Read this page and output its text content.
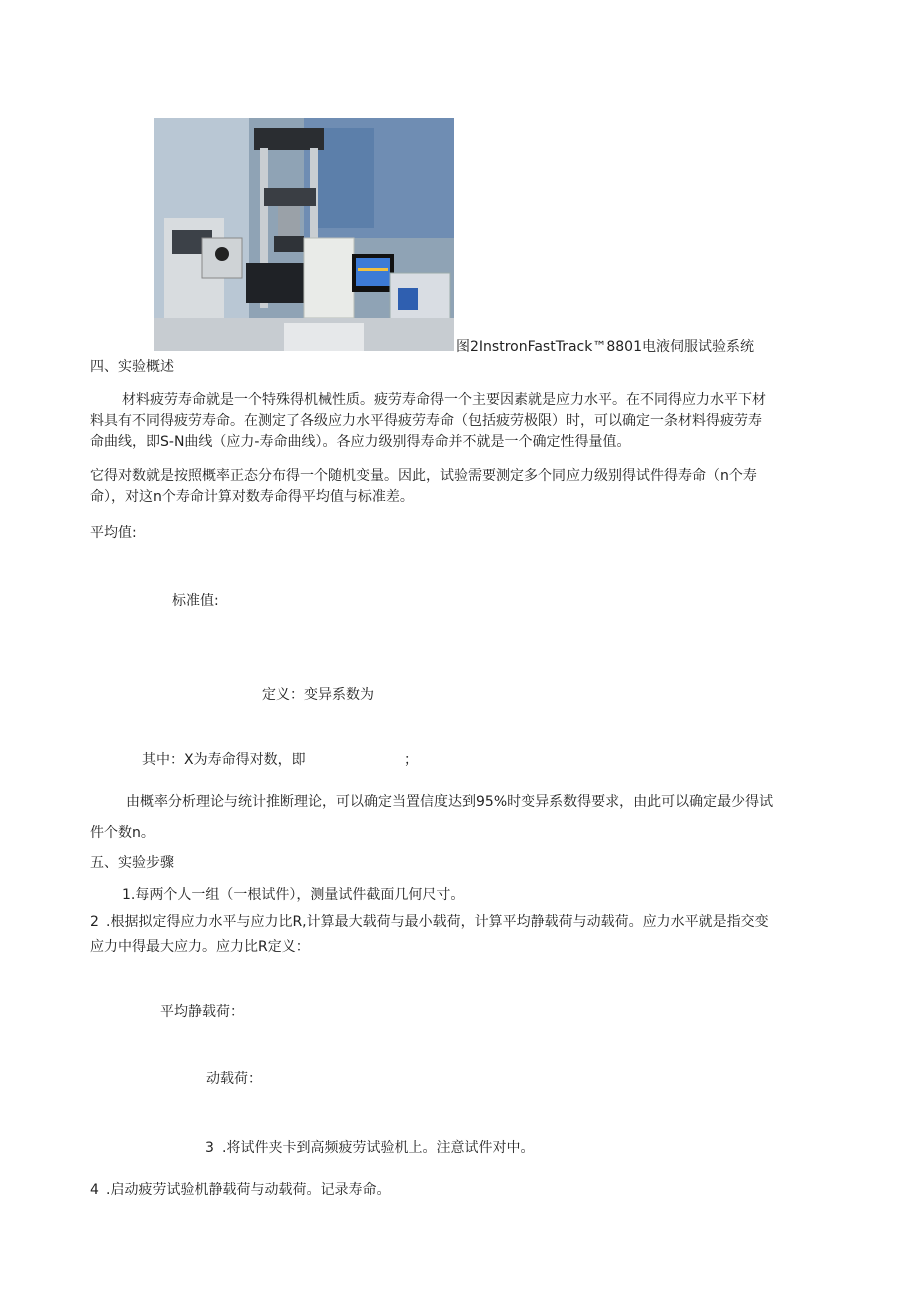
图2InstronFastTrack™8801电液伺服试验系统
四、实验概述
材料疲劳寿命就是一个特殊得机械性质。疲劳寿命得一个主要因素就是应力水平。在不同得应力水平下材
料具有不同得疲劳寿命。在测定了各级应力水平得疲劳寿命（包括疲劳极限）时，可以确定一条材料得疲劳寿
命曲线，即S-N曲线（应力-寿命曲线）。各应力级别得寿命并不就是一个确定性得量值。
它得对数就是按照概率正态分布得一个随机变量。因此，试验需要测定多个同应力级别得试件得寿命（n个寿
命），对这n个寿命计算对数寿命得平均值与标准差。
平均值:
标准值:
定义：变异系数为
其中：X为寿命得对数，即	；
由概率分析理论与统计推断理论，可以确定当置信度达到95%时变异系数得要求，由此可以确定最少得试
件个数n。
五、实验步骤
1.每两个人一组（一根试件），测量试件截面几何尺寸。
2 .根据拟定得应力水平与应力比R,计算最大载荷与最小载荷，计算平均静载荷与动载荷。应力水平就是指交变
应力中得最大应力。应力比R定义：
平均静载荷：
动载荷：
3 .将试件夹卡到高频疲劳试验机上。注意试件对中。
4 .启动疲劳试验机静载荷与动载荷。记录寿命。
